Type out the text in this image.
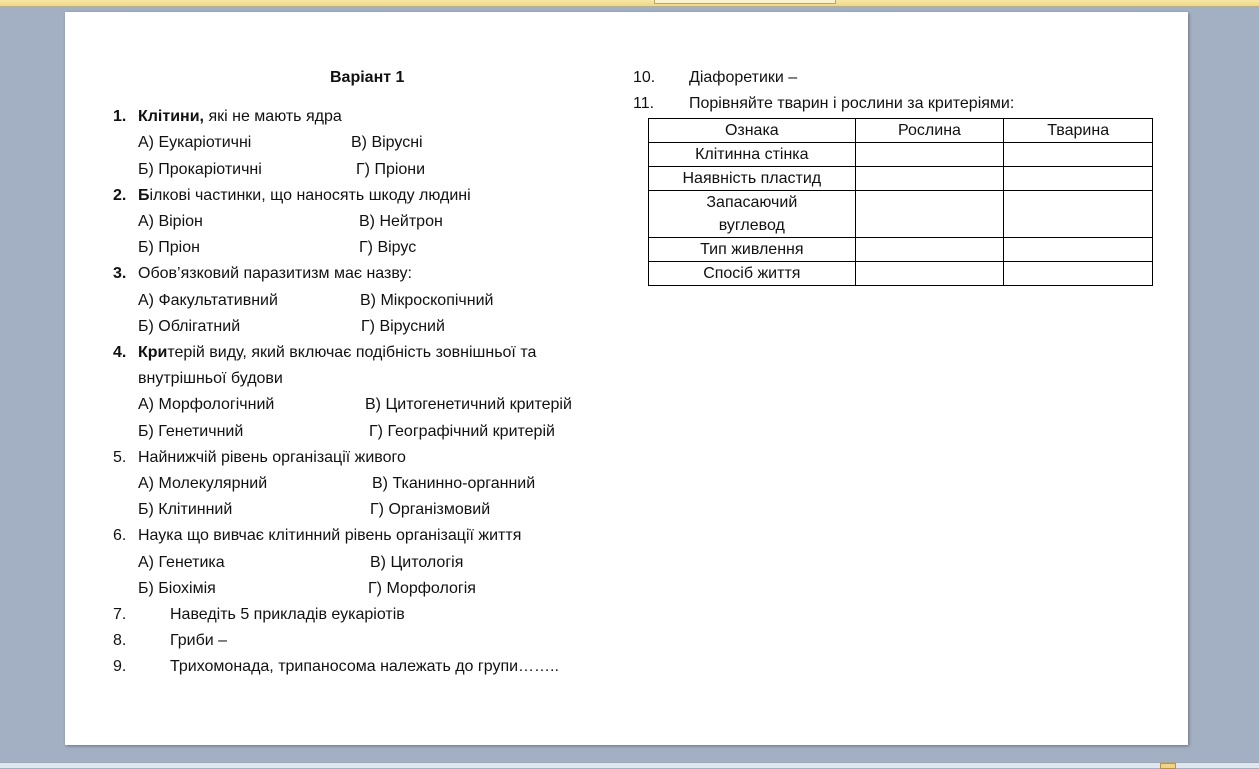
Варіант 1
1. Клітини, які не мають ядра
А) Еукаріотичні	В) Вірусні
Б) Прокаріотичні	Г) Пріони
2. Білкові частинки, що наносять шкоду людині
А) Віріон	В) Нейтрон
Б) Пріон	Г) Вірус
3. Обов’язковий паразитизм має назву:
А) Факультативний	В) Мікроскопічний
Б) Облігатний	Г) Вірусний
4. Критерій виду, який включає подібність зовнішньої та
внутрішньої будови
А) Морфологічний	В) Цитогенетичний критерій
Б) Генетичний	Г) Географічний критерій
5. Найнижчій рівень організації живого
А) Молекулярний	В) Тканинно-органний
Б) Клітинний	Г) Організмовий
6. Наука що вивчає клітинний рівень організації життя
А) Генетика	В) Цитологія
Б) Біохімія	Г) Морфологія
7.	Наведіть 5 прикладів еукаріотів
8.	Гриби –
9.	Трихомонада, трипаносома належать до групи……..
10. Діафоретики –
11. Порівняйте тварин і рослини за критеріями:
Ознака	Рослина	Тварина
Клітинна стінка		
Наявність пластид		
Запасаючий вуглевод		
Тип живлення		
Спосіб життя		
